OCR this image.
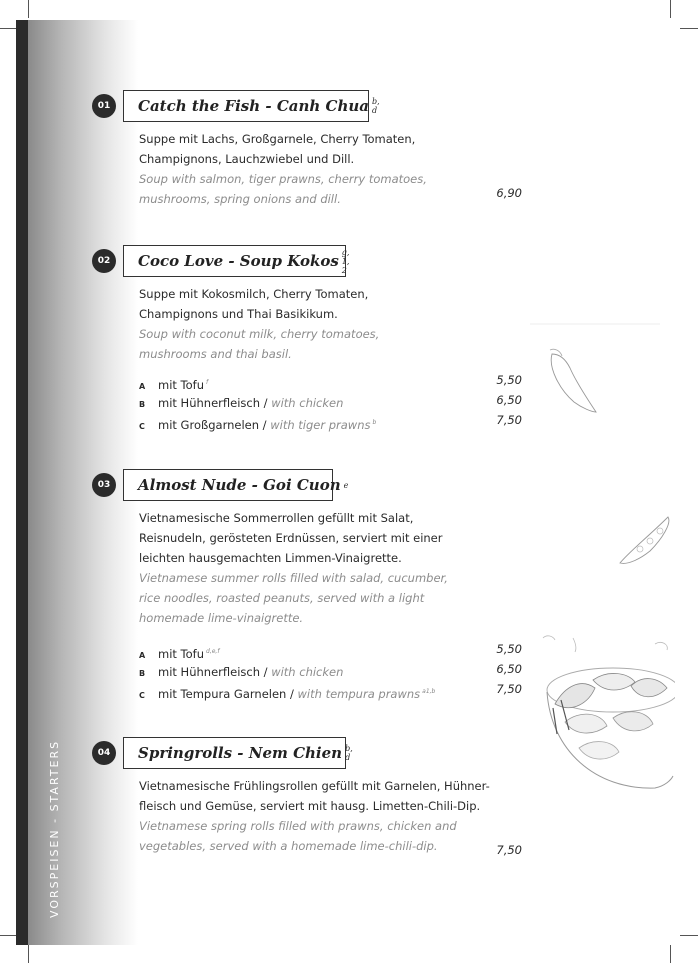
VORSPEISEN - STARTERS
01	Catch the Fish - Canh Chua b, d
Suppe mit Lachs, Großgarnele, Cherry Tomaten,
Champignons, Lauchzwiebel und Dill.
Soup with salmon, tiger prawns, cherry tomatoes,
mushrooms, spring onions and dill.	6,90
02	Coco Love - Soup Kokos g, 1, 2
Suppe mit Kokosmilch, Cherry Tomaten,
Champignons und Thai Basikikum.
Soup with coconut milk, cherry tomatoes,
mushrooms and thai basil.
A mit Tofu $^f$	5,50
B mit Hühnerfleisch / with chicken	6,50
C mit Großgarnelen / with tiger prawns $^b$	7,50
03	Almost Nude - Goi Cuon e
Vietnamesische Sommerrollen gefüllt mit Salat,
Reisnudeln, gerösteten Erdnüssen, serviert mit einer
leichten hausgemachten Limmen-Vinaigrette.
Vietnamese summer rolls filled with salad, cucumber,
rice noodles, roasted peanuts, served with a light
homemade lime-vinaigrette.
A mit Tofu $^{d,e,f}$	5,50
B mit Hühnerfleisch / with chicken	6,50
C mit Tempura Garnelen / with tempura prawns $^{a1,b}$	7,50
04	Springrolls - Nem Chien b, d
Vietnamesische Frühlingsrollen gefüllt mit Garnelen, Hühner-
fleisch und Gemüse, serviert mit hausg. Limetten-Chili-Dip.
Vietnamese spring rolls filled with prawns, chicken and
vegetables, served with a homemade lime-chili-dip.	7,50
